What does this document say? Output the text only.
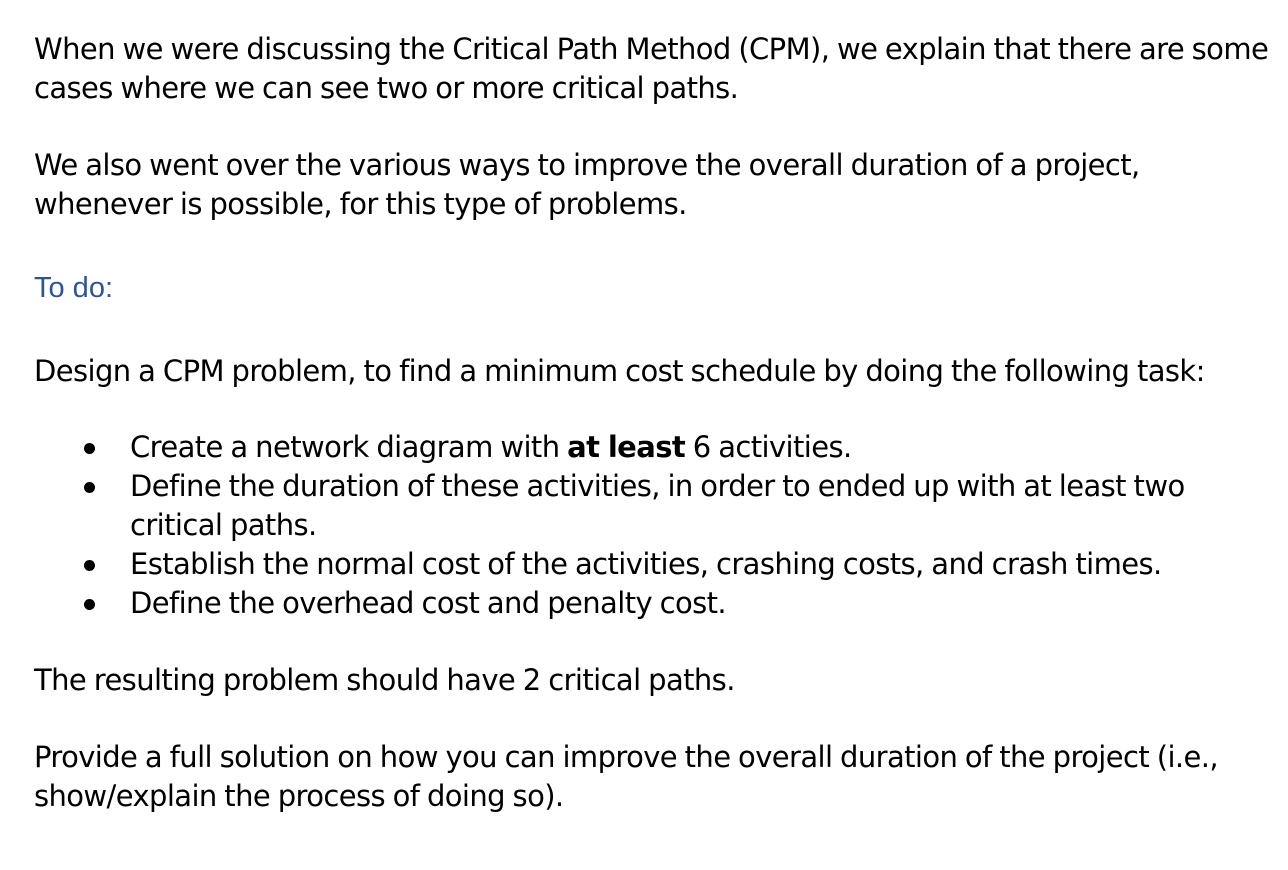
When we were discussing the Critical Path Method (CPM), we explain that there are some cases where we can see two or more critical paths.

We also went over the various ways to improve the overall duration of a project, whenever is possible, for this type of problems.

To do:

Design a CPM problem, to find a minimum cost schedule by doing the following task:

Create a network diagram with at least 6 activities.
Define the duration of these activities, in order to ended up with at least two critical paths.
Establish the normal cost of the activities, crashing costs, and crash times.
Define the overhead cost and penalty cost.

The resulting problem should have 2 critical paths.

Provide a full solution on how you can improve the overall duration of the project (i.e., show/explain the process of doing so).
